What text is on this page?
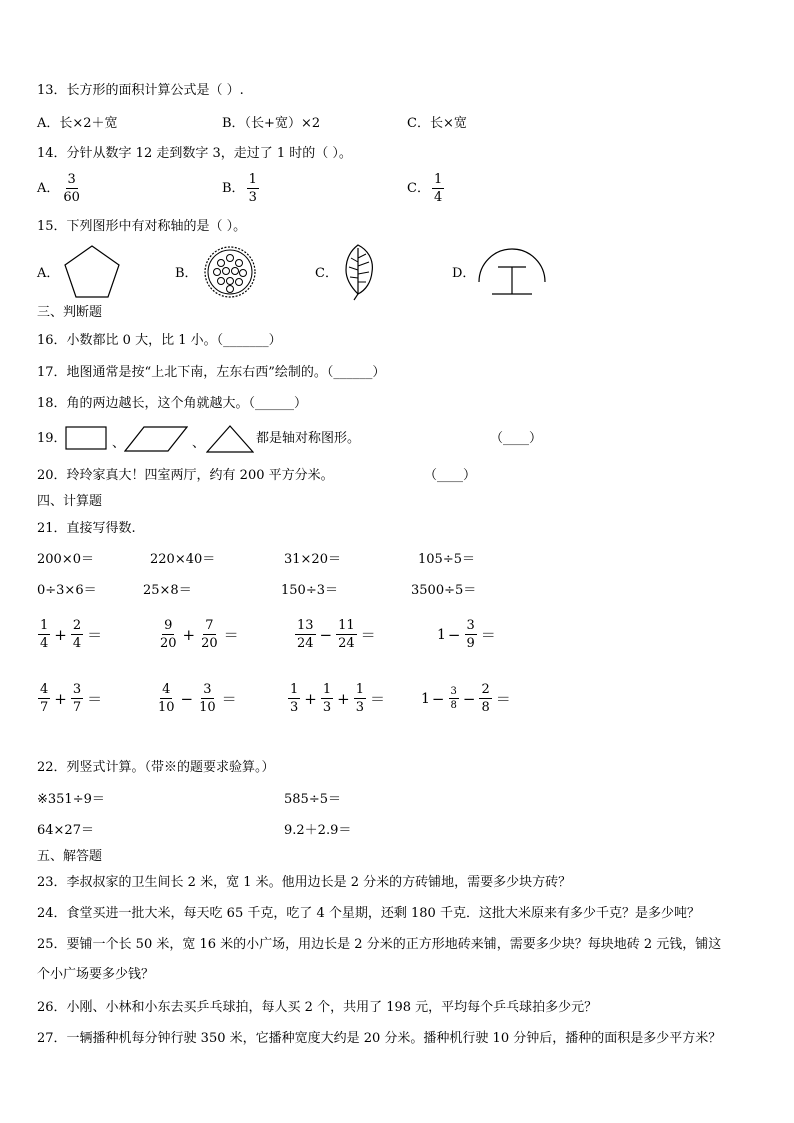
13．长方形的面积计算公式是（ ）.
A．长×2＋宽	B．（长+宽）×2	C．长×宽
14．分针从数字 12 走到数字 3，走过了 1 时的（ ）。
A． $\frac{3}{60}$	B． $\frac{1}{3}$	C． $\frac{1}{4}$
15．下列图形中有对称轴的是（ ）。
A．	B．	C．	D．
三、判断题
16．小数都比 0 大，比 1 小。（_______）
17．地图通常是按“上北下南，左东右西”绘制的。（______）
18．角的两边越长，这个角就越大。（______）
19．	、	、	都是轴对称图形。	（____）
20．玲玲家真大！四室两厅，约有 200 平方分米。	（____）
四、计算题
21．直接写得数.
200×0＝	220×40＝	31×20＝	105÷5＝
0÷3×6＝	25×8＝	150÷3＝	3500÷5＝
$\frac{1}{4} + \frac{2}{4}$ ＝	$\frac{9}{20} + \frac{7}{20}$ ＝	$\frac{13}{24} - \frac{11}{24}$ ＝	$1 - \frac{3}{9}$ ＝
$\frac{4}{7} + \frac{3}{7}$ ＝	$\frac{4}{10} - \frac{3}{10}$ ＝	$\frac{1}{3} + \frac{1}{3} + \frac{1}{3}$ ＝	$1 - \frac{3}{8} - \frac{2}{8}$ ＝
22．列竖式计算。（带※的题要求验算。）
※351÷9＝	585÷5＝
64×27＝	9.2＋2.9＝
五、解答题
23．李叔叔家的卫生间长 2 米，宽 1 米。他用边长是 2 分米的方砖铺地，需要多少块方砖？
24．食堂买进一批大米，每天吃 65 千克，吃了 4 个星期，还剩 180 千克．这批大米原来有多少千克？是多少吨？
25．要铺一个长 50 米，宽 16 米的小广场，用边长是 2 分米的正方形地砖来铺，需要多少块？每块地砖 2 元钱，铺这
个小广场要多少钱？
26．小刚、小林和小东去买乒乓球拍，每人买 2 个，共用了 198 元，平均每个乒乓球拍多少元？
27．一辆播种机每分钟行驶 350 米，它播种宽度大约是 20 分米。播种机行驶 10 分钟后，播种的面积是多少平方米？
